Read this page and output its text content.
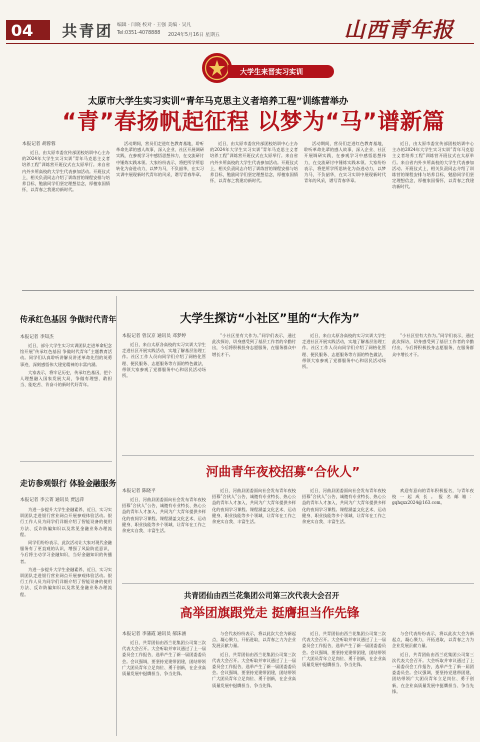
04 共青团 编辑 · 闫晓 校对 · 王强 美编 · 吴凡
Tel:0351-4078888 2024年5月16日 星期五	山西青年报
大学生来晋实习实训
太原市大学生实习实训“青年马克思主义者培养工程”训练营举办
“青”春扬帆起征程 以梦为“马”谱新篇
本报记者 胡蓉蓉

近日，由太原市委宣传部团校培训中心主办的2024年大学生实习实训“青年马克思主义者培养工程”训练营开班仪式在太原举行。来自省内外多所高校的大学生代表参加活动。开班仪式上，相关负责同志介绍了训练营的课程安排与培养目标，勉励同学们坚定理想信念，厚植家国情怀，以青春之我建功新时代。

活动期间，营员们走进红色教育基地，聆听革命先辈的感人故事，深入企业、社区开展调研实践，在参观学习中感悟思想伟力，在交流研讨中锤炼实践本领。大家纷纷表示，将把所学所思转化为奋进动力，以梦为马，不负韶华，在实习实训中展现新时代青年的风采，谱写青春华章。

近日，由太原市委宣传部团校培训中心主办的2024年大学生实习实训“青年马克思主义者培养工程”训练营开班仪式在太原举行。来自省内外多所高校的大学生代表参加活动。开班仪式上，相关负责同志介绍了训练营的课程安排与培养目标，勉励同学们坚定理想信念，厚植家国情怀，以青春之我建功新时代。

活动期间，营员们走进红色教育基地，聆听革命先辈的感人故事，深入企业、社区开展调研实践，在参观学习中感悟思想伟力，在交流研讨中锤炼实践本领。大家纷纷表示，将把所学所思转化为奋进动力，以梦为马，不负韶华，在实习实训中展现新时代青年的风采，谱写青春华章。

近日，由太原市委宣传部团校培训中心主办的2024年大学生实习实训“青年马克思主义者培养工程”训练营开班仪式在太原举行。来自省内外多所高校的大学生代表参加活动。开班仪式上，相关负责同志介绍了训练营的课程安排与培养目标，勉励同学们坚定理想信念，厚植家国情怀，以青春之我建功新时代。

传承红色基因 争做时代青年
本报记者 李知杰

近日，部分大学生实习实训团队走进革命纪念馆开展“传承红色基因 争做时代青年”主题教育活动。同学们认真聆听讲解员讲述革命先烈的英勇事迹，深刻感悟伟大建党精神的丰富内涵。

大家表示，将牢记历史，传承红色基因，把个人理想融入国家发展大局，争做有理想、敢担当、能吃苦、肯奋斗的新时代好青年。

走访参观银行 体验金融服务
本报记者 李云菁 通讯员 贾远萍

为进一步提升大学生金融素养，近日，实习实训团队走进银行营业网点开展参观体验活动。银行工作人员为同学们详细介绍了智能设备的使用方法、反诈防骗知识以及常见金融业务办理流程。

同学们纷纷表示，此次活动让大家对现代金融服务有了更直观的认识，增强了风险防范意识，今后将主动学习金融知识，当好金融知识的传播者。

为进一步提升大学生金融素养，近日，实习实训团队走进银行营业网点开展参观体验活动。银行工作人员为同学们详细介绍了智能设备的使用方法、反诈防骗知识以及常见金融业务办理流程。

大学生探访“小社区”里的“大作为”
本报记者 曾汉京 通讯员 邓梦婷

近日，来自太原各高校的实习实训大学生走进社区开展实践活动，实地了解基层治理工作。社区工作人员向同学们介绍了网格化管理、便民服务、志愿服务等方面的特色做法，带领大家参观了党群服务中心和居民活动场所。

“小社区里有大作为。”同学们表示，通过此次探访，切身感受到了基层工作者的辛勤付出，今后将积极投身志愿服务，在服务群众中增长才干。

近日，来自太原各高校的实习实训大学生走进社区开展实践活动，实地了解基层治理工作。社区工作人员向同学们介绍了网格化管理、便民服务、志愿服务等方面的特色做法，带领大家参观了党群服务中心和居民活动场所。

“小社区里有大作为。”同学们表示，通过此次探访，切身感受到了基层工作者的辛勤付出，今后将积极投身志愿服务，在服务群众中增长才干。

河曲青年夜校招募“合伙人”
本报记者 陈晓平

近日，河曲县团委面向社会发布青年夜校招募“合伙人”公告，诚邀有专业特长、热心公益的青年人才加入，共同为广大青年提供多样化的夜间学习课程。课程涵盖文化艺术、运动健身、职业技能等多个领域，让青年在工作之余充实自我、丰富生活。

近日，河曲县团委面向社会发布青年夜校招募“合伙人”公告，诚邀有专业特长、热心公益的青年人才加入，共同为广大青年提供多样化的夜间学习课程。课程涵盖文化艺术、运动健身、职业技能等多个领域，让青年在工作之余充实自我、丰富生活。

近日，河曲县团委面向社会发布青年夜校招募“合伙人”公告，诚邀有专业特长、热心公益的青年人才加入，共同为广大青年提供多样化的夜间学习课程。课程涵盖文化艺术、运动健身、职业技能等多个领域，让青年在工作之余充实自我、丰富生活。

欢迎有意向的青年积极报名，与青年夜校一起成长。报名邮箱：gqhqxx2024@163.com。

共青团仙由西兰花集团公司第三次代表大会召开
高举团旗跟党走 挺膺担当作先锋
本报记者 李蒲霞 通讯员 郝沫涵

近日，共青团仙由西兰花集团公司第三次代表大会召开。大会听取并审议通过了上一届委员会工作报告，选举产生了新一届团委委员会。会议强调，要坚持党建带团建，团结带领广大团员青年立足岗位、勇于创新，在企业高质量发展中挺膺担当、争当先锋。

与会代表纷纷表示，将以此次大会为新起点，凝心聚力，开拓进取，以青春之力为企业发展贡献力量。

近日，共青团仙由西兰花集团公司第三次代表大会召开。大会听取并审议通过了上一届委员会工作报告，选举产生了新一届团委委员会。会议强调，要坚持党建带团建，团结带领广大团员青年立足岗位、勇于创新，在企业高质量发展中挺膺担当、争当先锋。

近日，共青团仙由西兰花集团公司第三次代表大会召开。大会听取并审议通过了上一届委员会工作报告，选举产生了新一届团委委员会。会议强调，要坚持党建带团建，团结带领广大团员青年立足岗位、勇于创新，在企业高质量发展中挺膺担当、争当先锋。

与会代表纷纷表示，将以此次大会为新起点，凝心聚力，开拓进取，以青春之力为企业发展贡献力量。

近日，共青团仙由西兰花集团公司第三次代表大会召开。大会听取并审议通过了上一届委员会工作报告，选举产生了新一届团委委员会。会议强调，要坚持党建带团建，团结带领广大团员青年立足岗位、勇于创新，在企业高质量发展中挺膺担当、争当先锋。
